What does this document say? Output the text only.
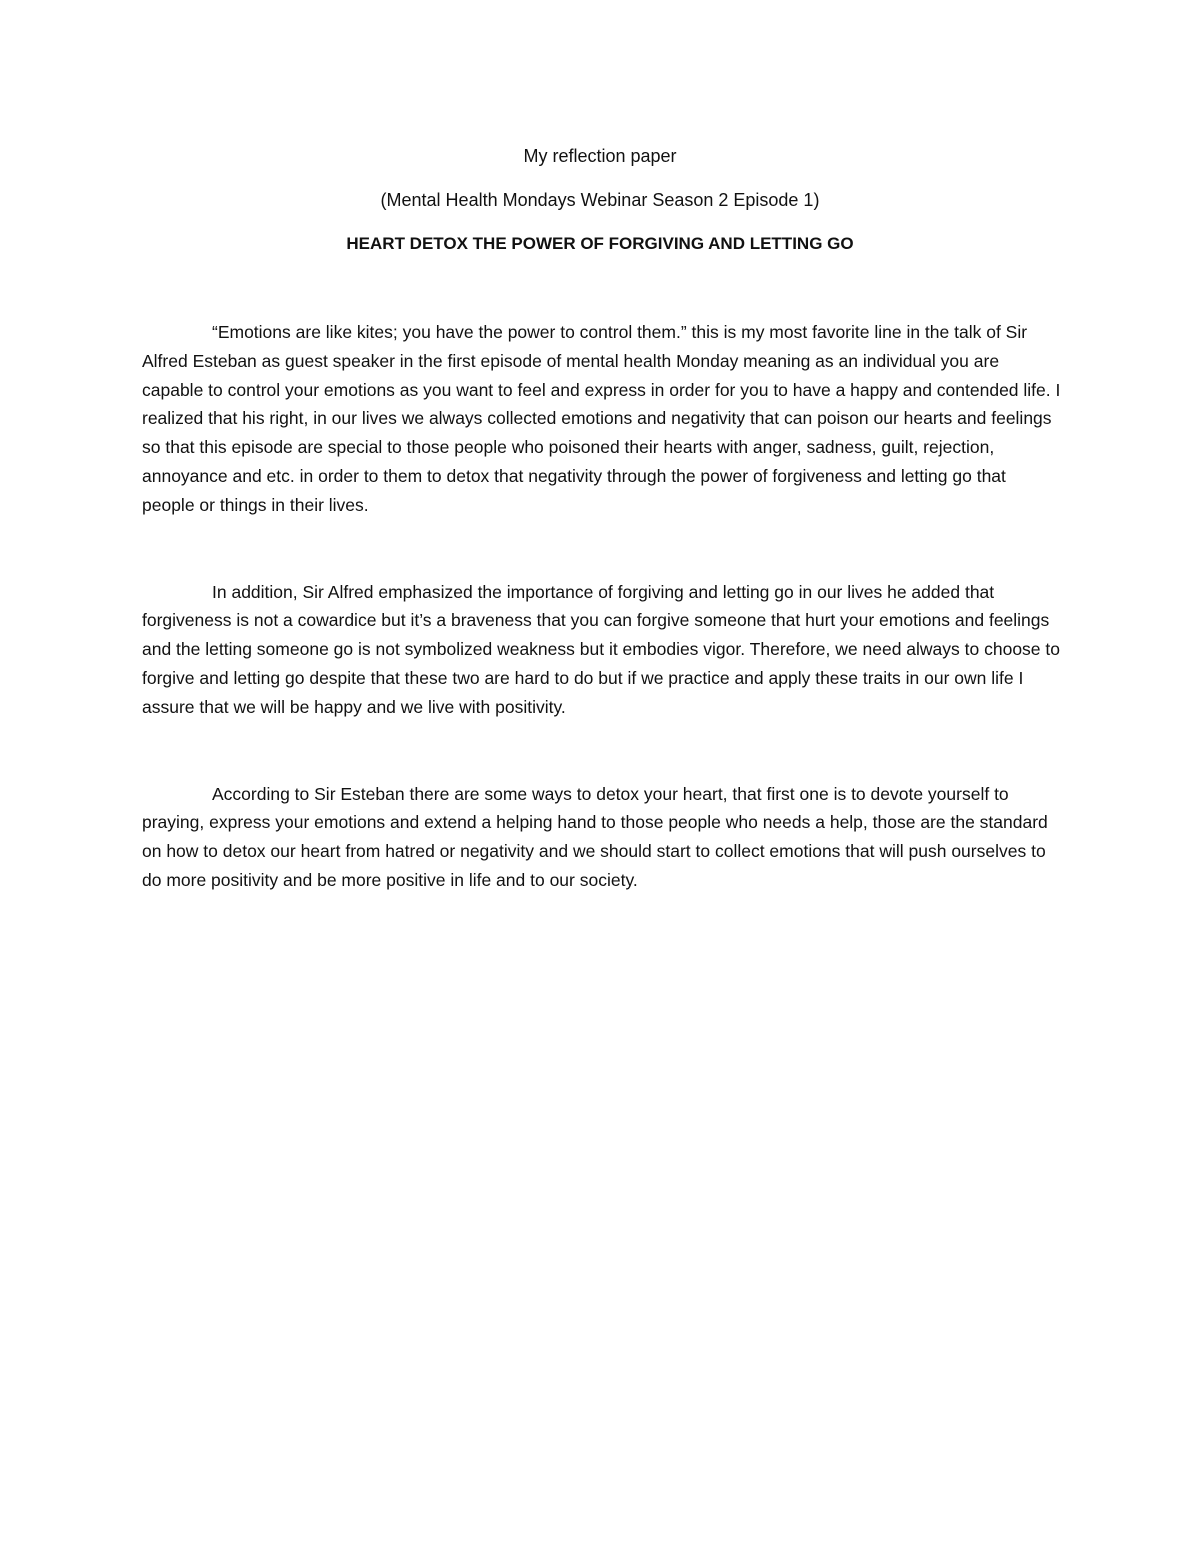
My reflection paper
(Mental Health Mondays Webinar Season 2 Episode 1)
HEART DETOX THE POWER OF FORGIVING AND LETTING GO

“Emotions are like kites; you have the power to control them.” this is my most favorite line in the talk of Sir Alfred Esteban as guest speaker in the first episode of mental health Monday meaning as an individual you are capable to control your emotions as you want to feel and express in order for you to have a happy and contended life. I realized that his right, in our lives we always collected emotions and negativity that can poison our hearts and feelings so that this episode are special to those people who poisoned their hearts with anger, sadness, guilt, rejection, annoyance and etc. in order to them to detox that negativity through the power of forgiveness and letting go that people or things in their lives.

In addition, Sir Alfred emphasized the importance of forgiving and letting go in our lives he added that forgiveness is not a cowardice but it’s a braveness that you can forgive someone that hurt your emotions and feelings and the letting someone go is not symbolized weakness but it embodies vigor. Therefore, we need always to choose to forgive and letting go despite that these two are hard to do but if we practice and apply these traits in our own life I assure that we will be happy and we live with positivity.

According to Sir Esteban there are some ways to detox your heart, that first one is to devote yourself to praying, express your emotions and extend a helping hand to those people who needs a help, those are the standard on how to detox our heart from hatred or negativity and we should start to collect emotions that will push ourselves to do more positivity and be more positive in life and to our society.
